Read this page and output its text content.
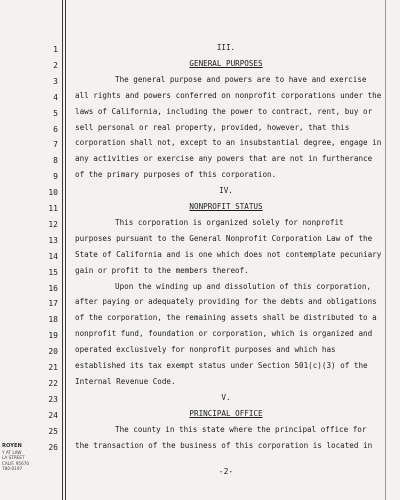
1
2
3
4
5
6
7
8
9
10
11
12
13
14
15
16
17
18
19
20
21
22
23
24
25
26
III.
GENERAL PURPOSES
The general purpose and powers are to have and exercise
all rights and powers conferred on nonprofit corporations under the
laws of California, including the power to contract, rent, buy or
sell personal or real property, provided, however, that this
corporation shall not, except to an insubstantial degree, engage in
any activities or exercise any powers that are not in furtherance
of the primary purposes of this corporation.
IV.
NONPROFIT STATUS
This corporation is organized solely for nonprofit
purposes pursuant to the General Nonprofit Corporation Law of the
State of California and is one which does not contemplate pecuniary
gain or profit to the members thereof.
Upon the winding up and dissolution of this corporation,
after paying or adequately providing for the debts and obligations
of the corporation, the remaining assets shall be distributed to a
nonprofit fund, foundation or corporation, which is organized and
operated exclusively for nonprofit purposes and which has
established its tax exempt status under Section 501(c)(3) of the
Internal Revenue Code.
V.
PRINCIPAL OFFICE
The county in this state where the principal office for
the transaction of the business of this corporation is located in
ROYEN
Y AT LAW
LA STREET
CALIF. 95670
780-0197	-2-
